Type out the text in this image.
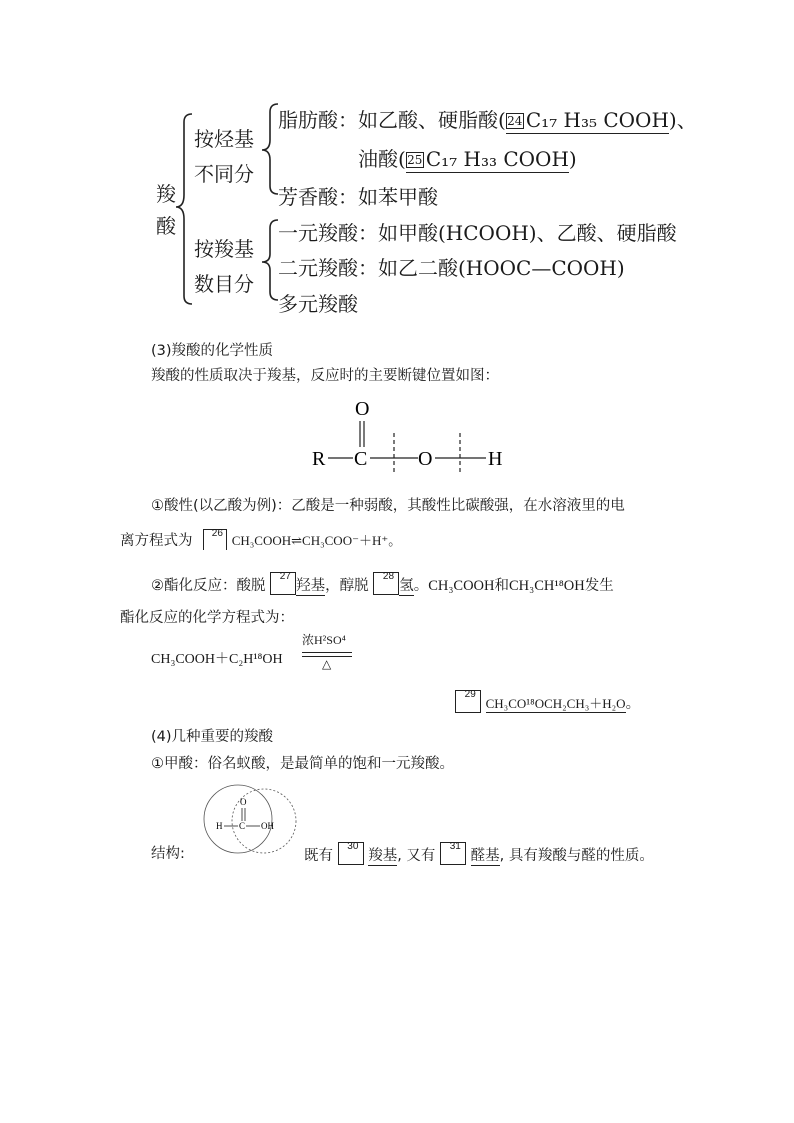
羧
酸
按烃基
不同分
按羧基
数目分
脂肪酸：如乙酸、硬脂酸(24 C₁₇ H₃₅ COOH)、
油酸(25 C₁₇ H₃₃ COOH)
芳香酸：如苯甲酸
一元羧酸：如甲酸(HCOOH)、乙酸、硬脂酸
二元羧酸：如乙二酸(HOOC—COOH)
多元羧酸
(3)羧酸的化学性质
羧酸的性质取决于羧基，反应时的主要断键位置如图：
O
R C	O	H
①酸性(以乙酸为例)：乙酸是一种弱酸，其酸性比碳酸强，在水溶液里的电
离方程式为 26 CH₃COOH⇌CH₃COO⁻＋H⁺。
②酯化反应：酸脱
27
羟基，醇脱
28
氢。CH₃COOH和CH₃CH¹⁸OH发生
酯化反应的化学方程式为：
CH₃COOH＋C₂H¹⁸OH
浓H²SO⁴
△
29
CH₃CO¹⁸OCH₂CH₃＋H₂O。
(4)几种重要的羧酸
①甲酸：俗名蚁酸，是最简单的饱和一元羧酸。
结构:
O
H C OH
既有
30
羧基, 又有
31
醛基, 具有羧酸与醛的性质。
